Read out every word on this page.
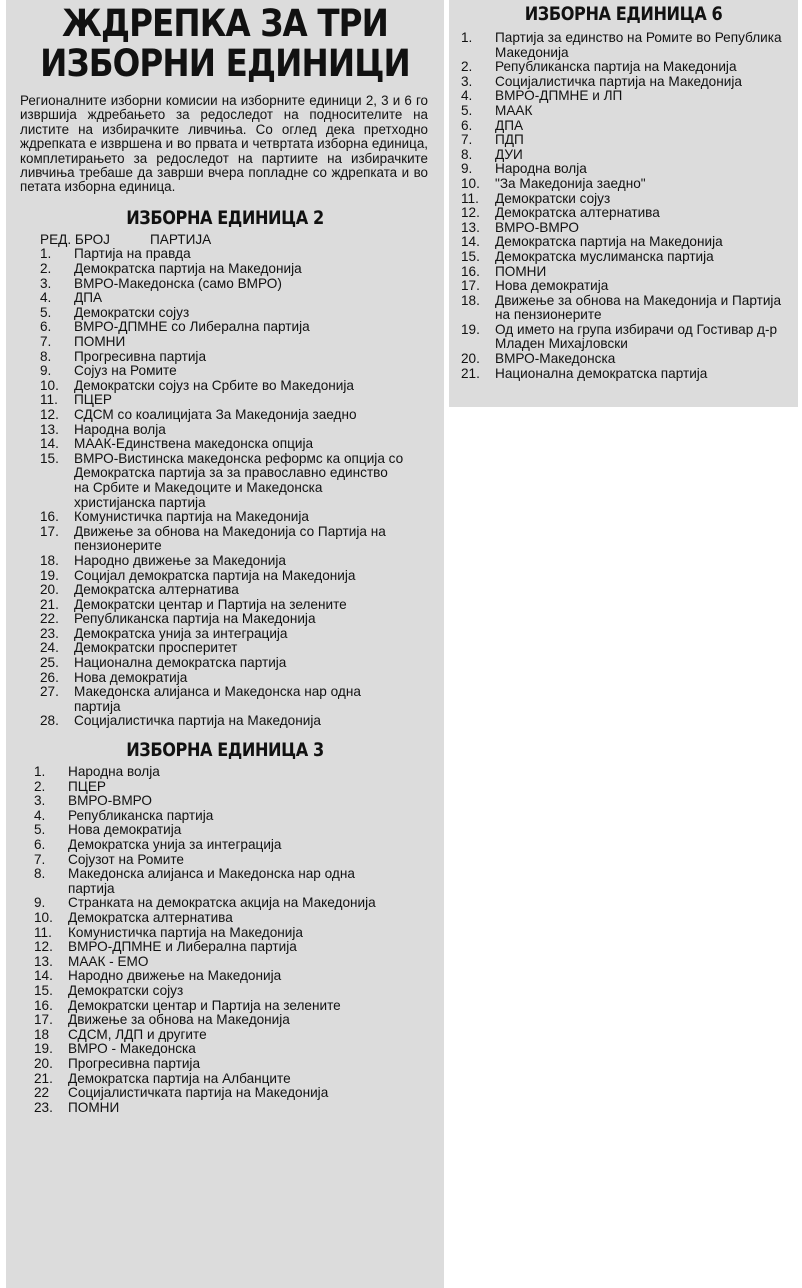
ЖДРЕПКА ЗА ТРИ

ИЗБОРНИ ЕДИНИЦИ

Регионалните изборни комисии на изборните единици 2, 3 и 6 го извршија ждребањето за редоследот на подносителите на листите на избирачките ливчиња. Со оглед дека претходно ждрепката е извршена и во првата и четвртата изборна единица, комплетирањето за редоследот на партиите на избирачките ливчиња требаше да заврши вчера попладне со ждрепката и во петата изборна единица.

ИЗБОРНА ЕДИНИЦА 2

РЕД. БРОЈ	ПАРТИЈА
1.	Партија на правда
2.	Демократска партија на Македонија
3.	ВМРО-Македонска (само ВМРО)
4.	ДПА
5.	Демократски сојуз
6.	ВМРО-ДПМНЕ со Либерална партија
7.	ПОМНИ
8.	Прогресивна партија
9.	Сојуз на Ромите
10.	Демократски сојуз на Србите во Македонија
11.	ПЦЕР
12.	СДСМ со коалицијата За Македонија заедно
13.	Народна волја
14.	МААК-Единствена македонска опција
15.	ВМРО-Вистинска македонска реформс ка опција со Демократска партија за за православно единство на Србите и Македоците и Македонска христијанска партија
16.	Комунистичка партија на Македонија
17.	Движење за обнова на Македонија со Партија на пензионерите
18.	Народно движење за Македонија
19.	Социјал демократска партија на Македонија
20.	Демократска алтернатива
21.	Демократски центар и Партија на зелените
22.	Републиканска партија на Македонија
23.	Демократска унија за интеграција
24.	Демократски просперитет
25.	Национална демократска партија
26.	Нова демократија
27.	Македонска алијанса и Македонска нар одна партија
28.	Социјалистичка партија на Македонија

ИЗБОРНА ЕДИНИЦА 3

1.	Народна волја
2.	ПЦЕР
3.	ВМРО-ВМРО
4.	Републиканска партија
5.	Нова демократија
6.	Демократска унија за интеграција
7.	Сојузот на Ромите
8.	Македонска алијанса и Македонска нар одна партија
9.	Странката на демократска акција на Македонија
10.	Демократска алтернатива
11.	Комунистичка партија на Македонија
12.	ВМРО-ДПМНЕ и Либерална партија
13.	МААК - ЕМО
14.	Народно движење на Македонија
15.	Демократски сојуз
16.	Демократски центар и Партија на зелените
17.	Движење за обнова на Македонија
18	СДСМ, ЛДП и другите
19.	ВМРО - Македонска
20.	Прогресивна партија
21.	Демократска партија на Албанците
22	Социјалистичката партија на Македонија
23.	ПОМНИ

ИЗБОРНА ЕДИНИЦА 6

1.	Партија за единство на Ромите во Република Македонија
2.	Републиканска партија на Македонија
3.	Социјалистичка партија на Македонија
4.	ВМРО-ДПМНЕ и ЛП
5.	МААК
6.	ДПА
7.	ПДП
8.	ДУИ
9.	Народна волја
10.	"За Македонија заедно"
11.	Демократски сојуз
12.	Демократска алтернатива
13.	ВМРО-ВМРО
14.	Демократска партија на Македонија
15.	Демократска муслиманска партија
16.	ПОМНИ
17.	Нова демократија
18.	Движење за обнова на Македонија и Партија на пензионерите
19.	Од името на група избирачи од Гостивар д-р Младен Михајловски
20.	ВМРО-Македонска
21.	Национална демократска партија
